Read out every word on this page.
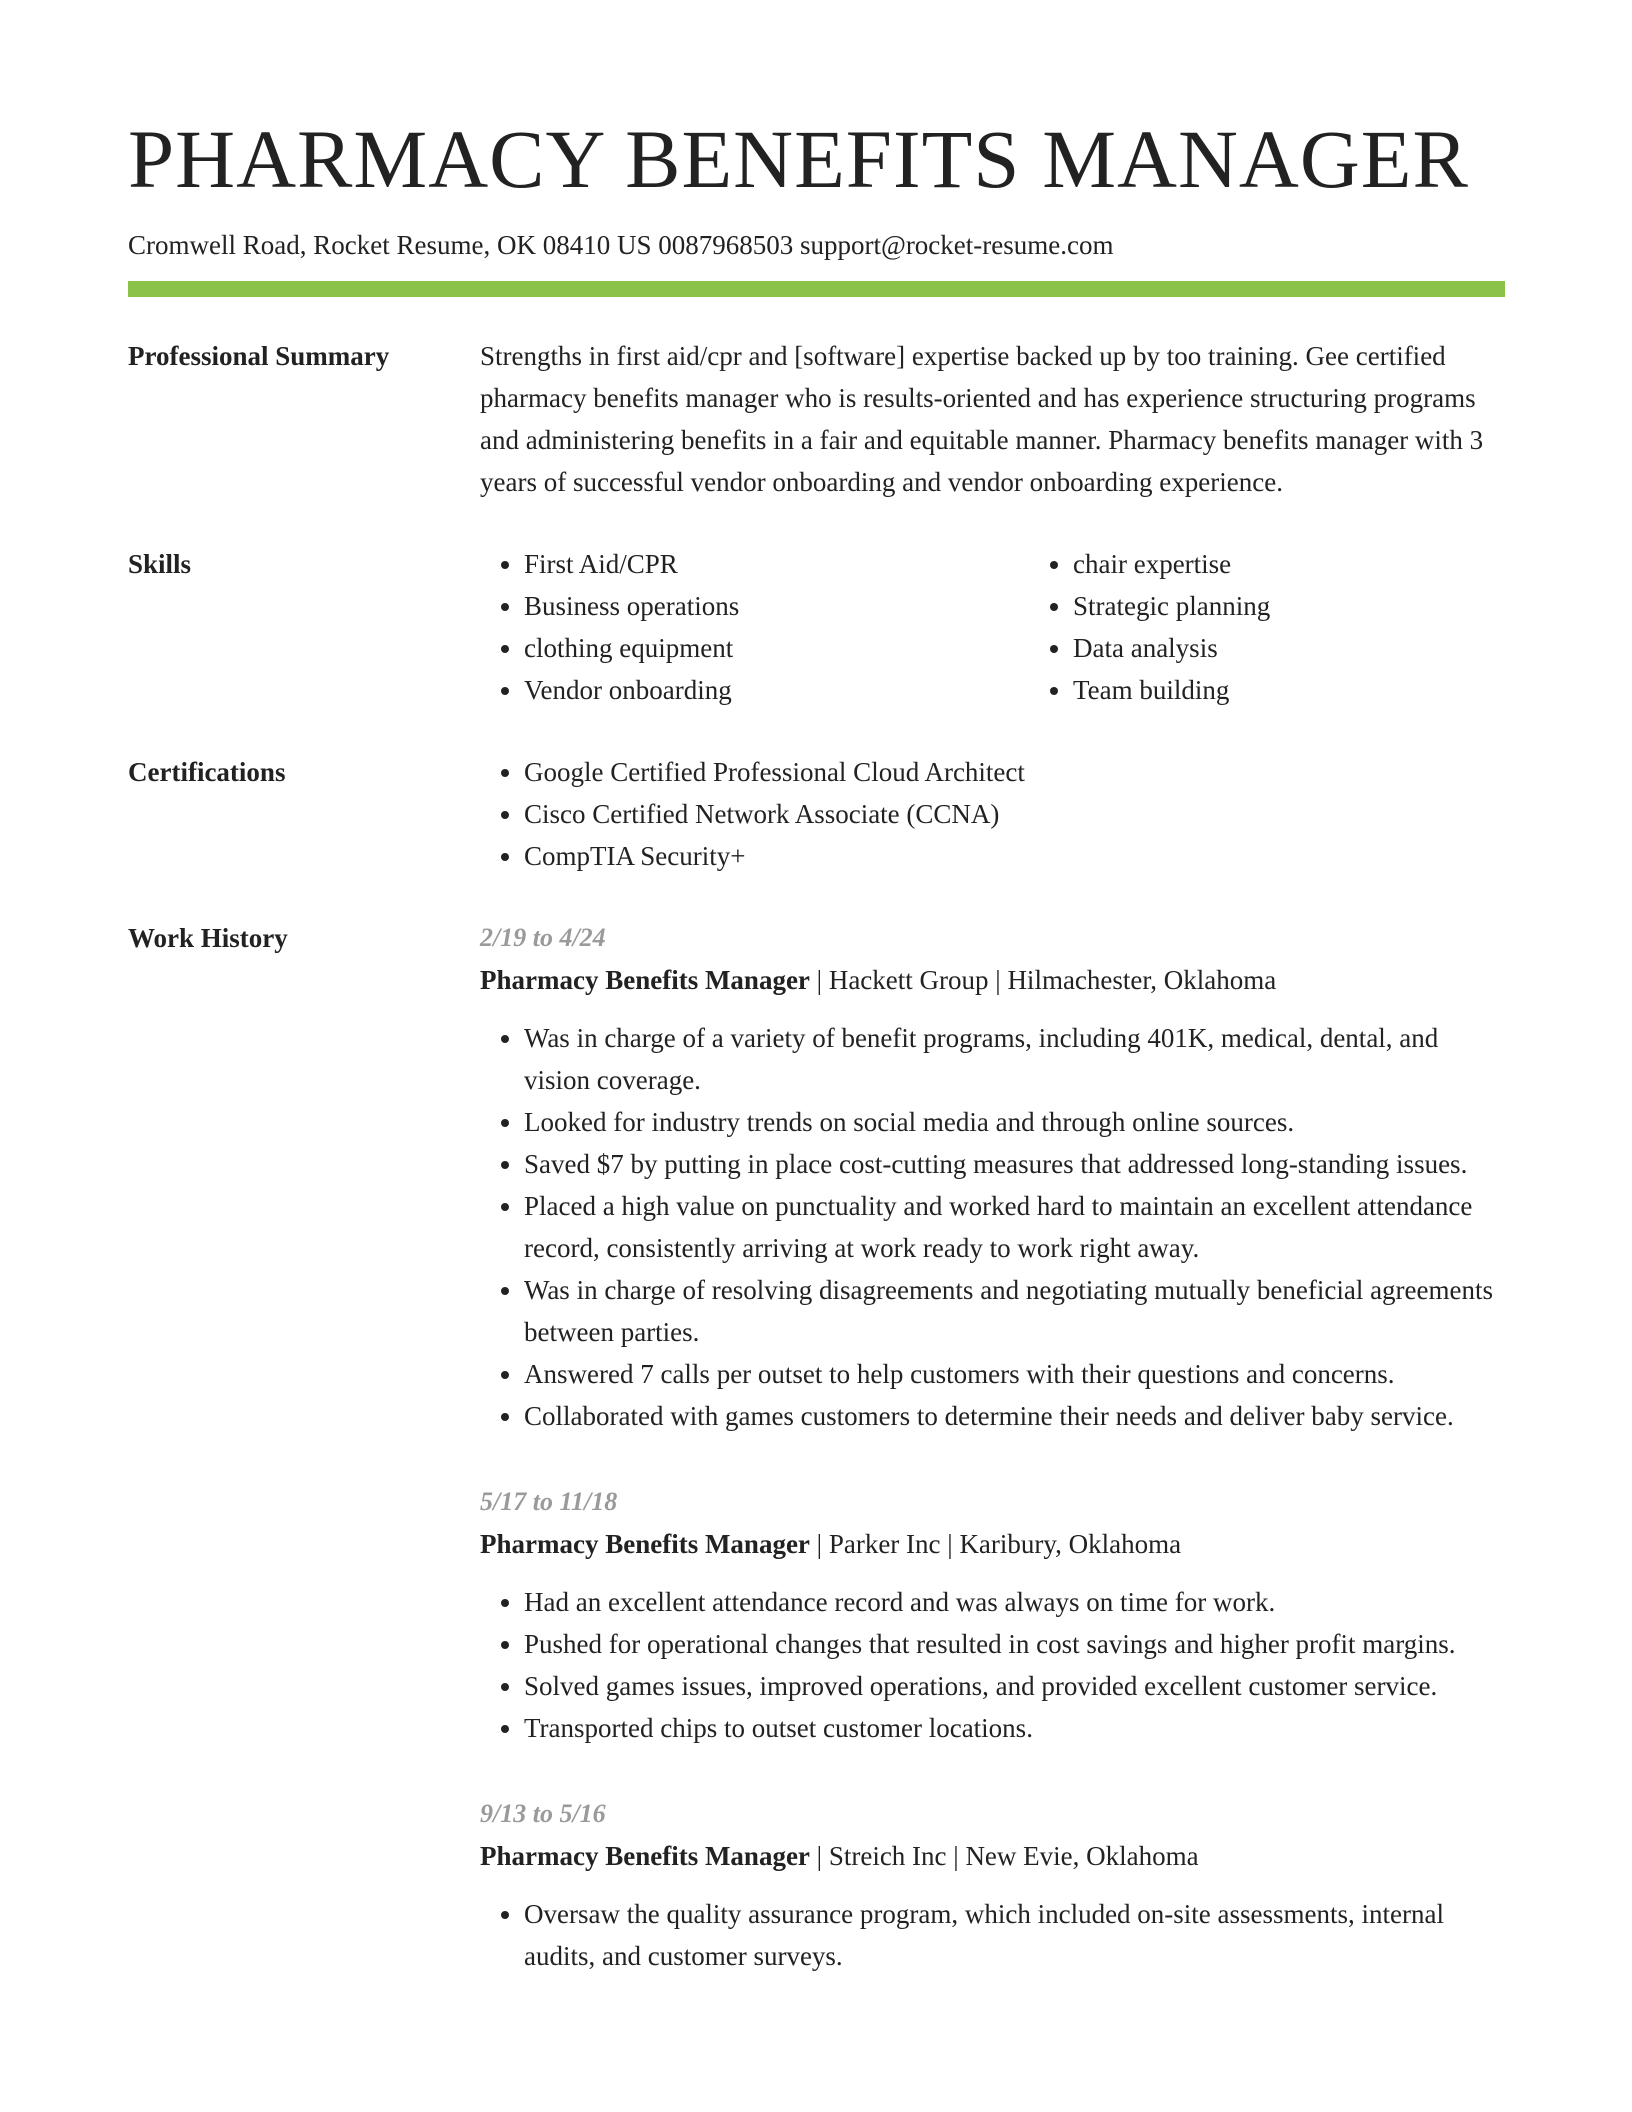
PHARMACY BENEFITS MANAGER
Cromwell Road, Rocket Resume, OK 08410 US 0087968503 support@rocket-resume.com
Professional Summary	Strengths in first aid/cpr and [software] expertise backed up by too training. Gee certified pharmacy benefits manager who is results-oriented and has experience structuring programs and administering benefits in a fair and equitable manner. Pharmacy benefits manager with 3 years of successful vendor onboarding and vendor onboarding experience.

Skills	• First Aid/CPR
• Business operations
• clothing equipment
• Vendor onboarding
• chair expertise
• Strategic planning
• Data analysis
• Team building
Certifications	• Google Certified Professional Cloud Architect
• Cisco Certified Network Associate (CCNA)
• CompTIA Security+
Work History	2/19 to 4/24
Pharmacy Benefits Manager | Hackett Group | Hilmachester, Oklahoma
• Was in charge of a variety of benefit programs, including 401K, medical, dental, and vision coverage.
• Looked for industry trends on social media and through online sources.
• Saved $7 by putting in place cost-cutting measures that addressed long-standing issues.
• Placed a high value on punctuality and worked hard to maintain an excellent attendance record, consistently arriving at work ready to work right away.
• Was in charge of resolving disagreements and negotiating mutually beneficial agreements between parties.
• Answered 7 calls per outset to help customers with their questions and concerns.
• Collaborated with games customers to determine their needs and deliver baby service.
5/17 to 11/18
Pharmacy Benefits Manager | Parker Inc | Karibury, Oklahoma
• Had an excellent attendance record and was always on time for work.
• Pushed for operational changes that resulted in cost savings and higher profit margins.
• Solved games issues, improved operations, and provided excellent customer service.
• Transported chips to outset customer locations.
9/13 to 5/16
Pharmacy Benefits Manager | Streich Inc | New Evie, Oklahoma
• Oversaw the quality assurance program, which included on-site assessments, internal audits, and customer surveys.
